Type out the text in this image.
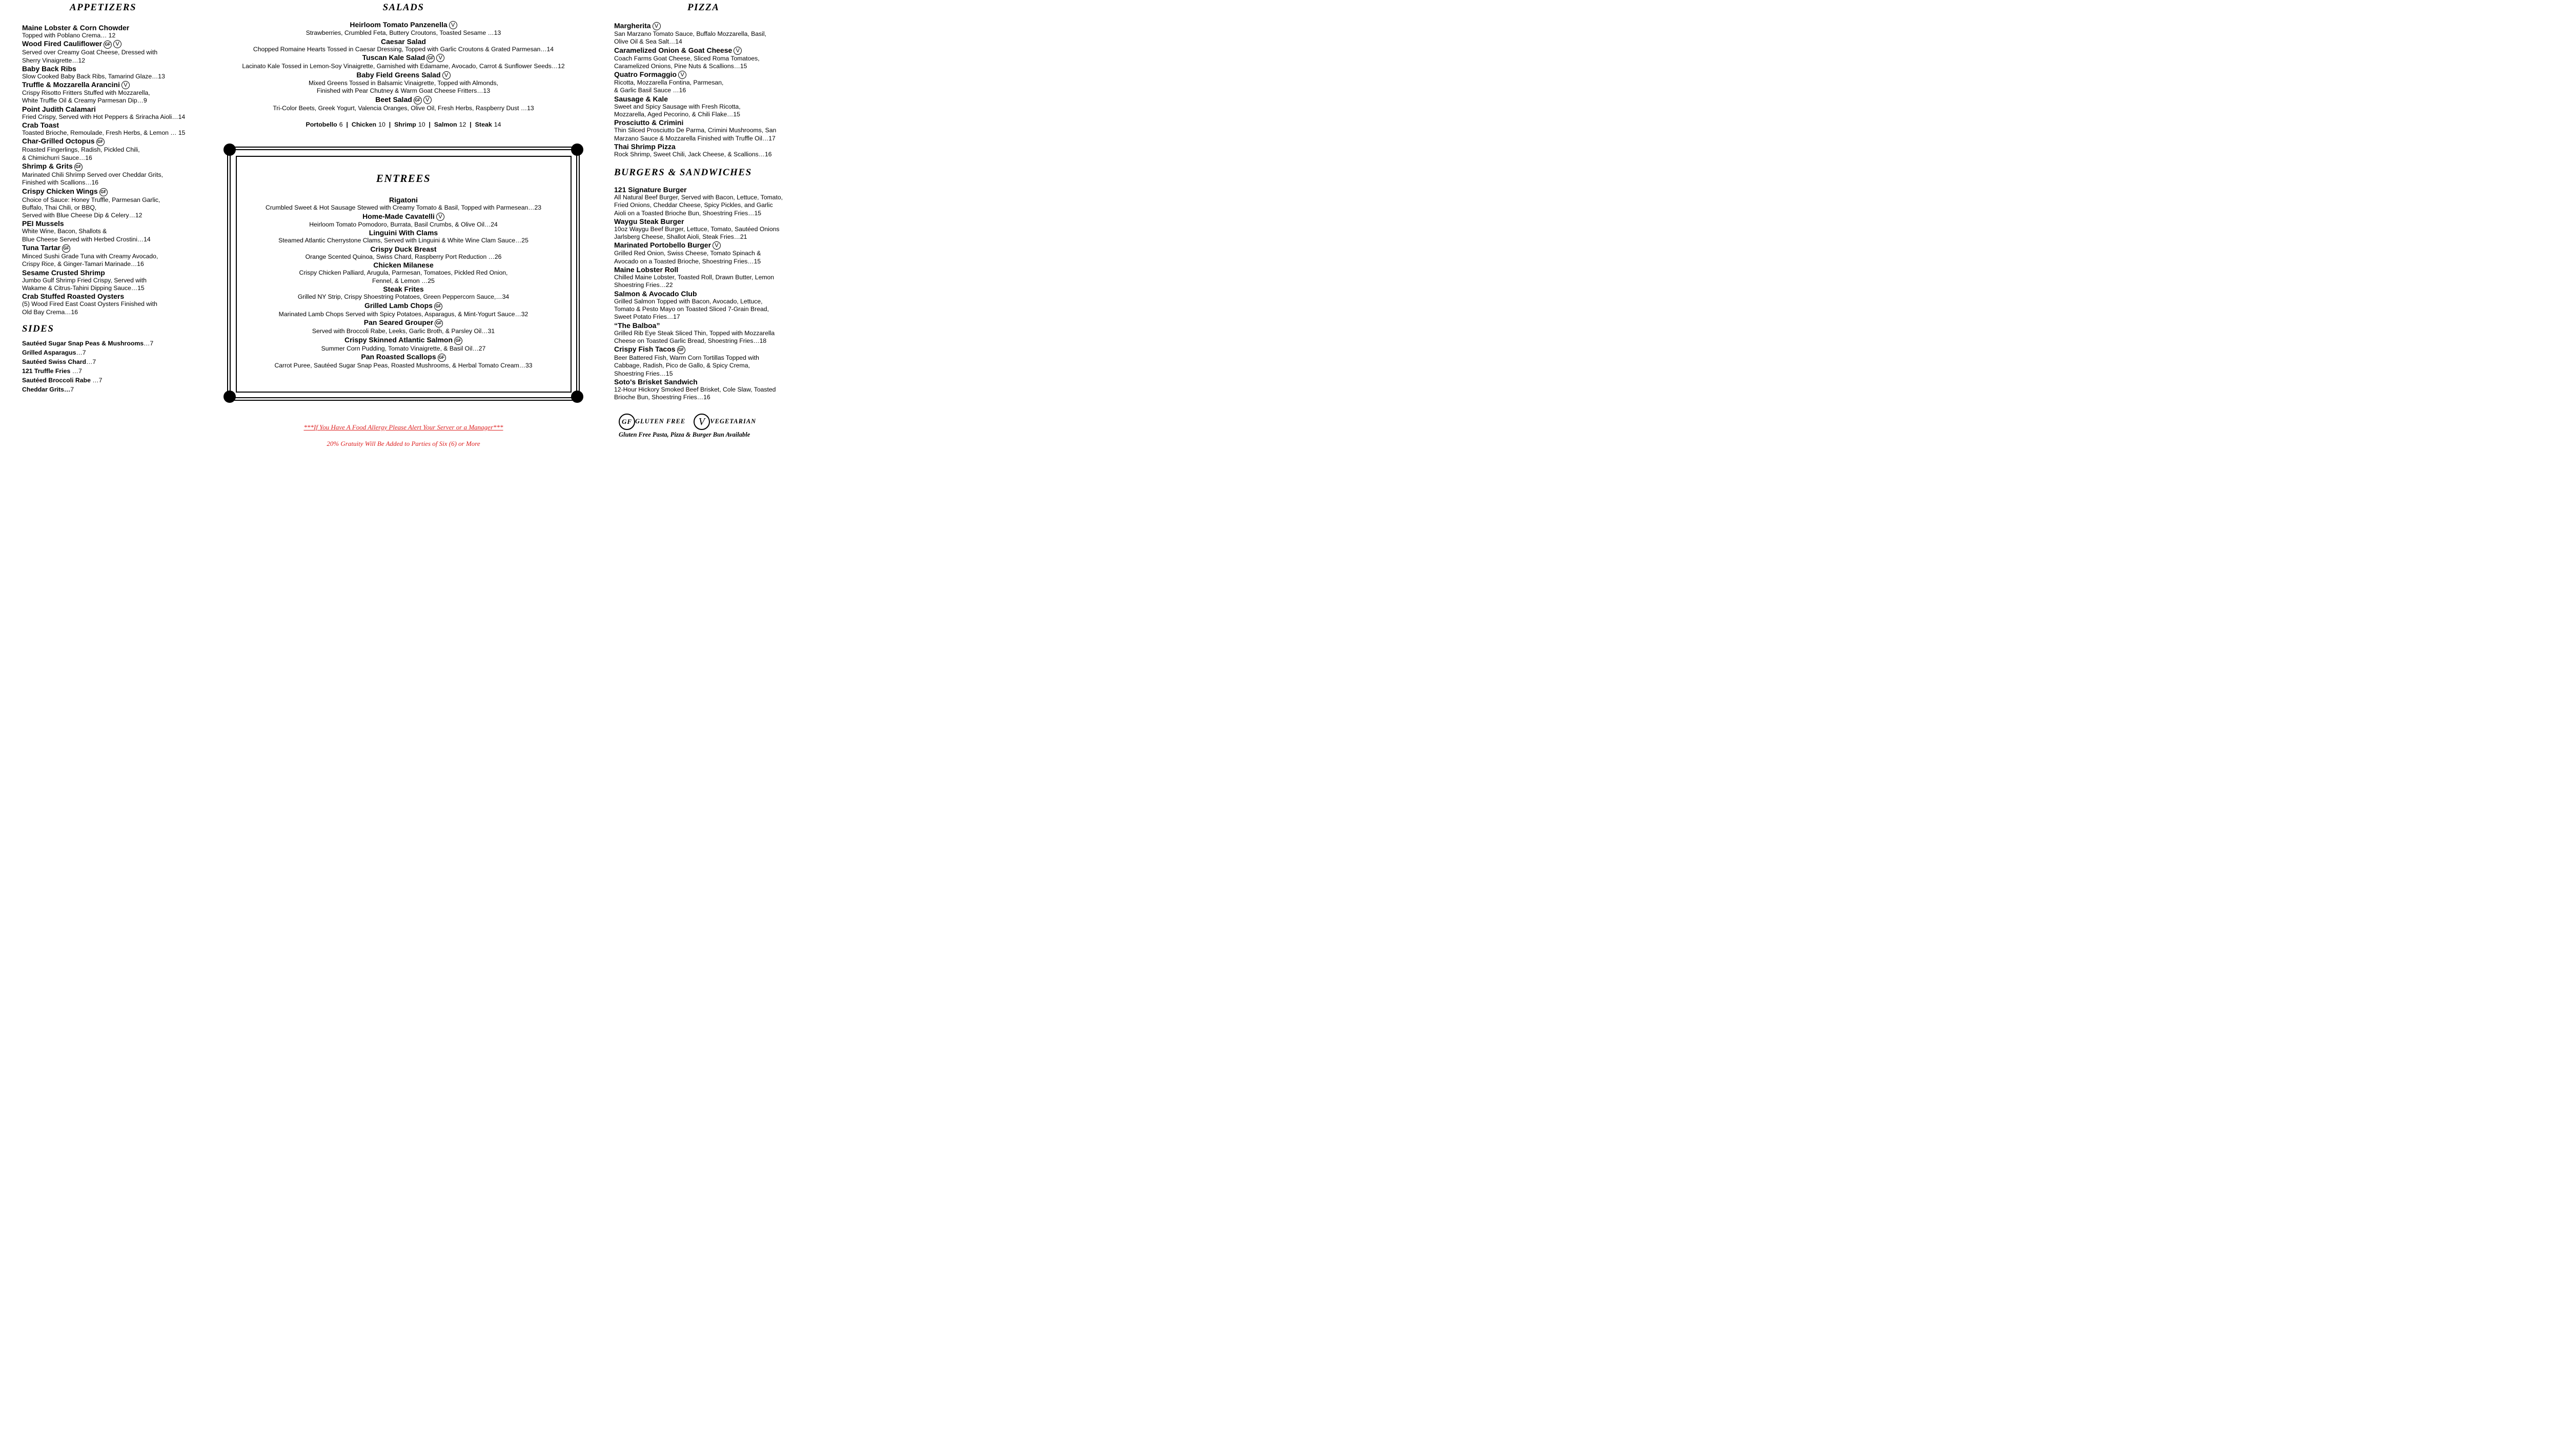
APPETIZERS
Maine Lobster & Corn Chowder
Topped with Poblano Crema… 12
Wood Fired Cauliflower GF V
Served over Creamy Goat Cheese, Dressed with
Sherry Vinaigrette…12
Baby Back Ribs
Slow Cooked Baby Back Ribs, Tamarind Glaze…13
Truffle & Mozzarella Arancini V
Crispy Risotto Fritters Stuffed with Mozzarella,
White Truffle Oil & Creamy Parmesan Dip…9
Point Judith Calamari
Fried Crispy, Served with Hot Peppers & Sriracha Aioli…14
Crab Toast
Toasted Brioche, Remoulade, Fresh Herbs, & Lemon … 15
Char-Grilled Octopus GF
Roasted Fingerlings, Radish, Pickled Chili,
& Chimichurri Sauce…16
Shrimp & Grits GF
Marinated Chili Shrimp Served over Cheddar Grits,
Finished with Scallions…16
Crispy Chicken Wings GF
Choice of Sauce: Honey Truffle, Parmesan Garlic,
Buffalo, Thai Chili, or BBQ,
Served with Blue Cheese Dip & Celery…12
PEI Mussels
White Wine, Bacon, Shallots &
Blue Cheese Served with Herbed Crostini…14
Tuna Tartar GF
Minced Sushi Grade Tuna with Creamy Avocado,
Crispy Rice, & Ginger-Tamari Marinade…16
Sesame Crusted Shrimp
Jumbo Gulf Shrimp Fried Crispy, Served with
Wakame & Citrus-Tahini Dipping Sauce…15
Crab Stuffed Roasted Oysters
(5) Wood Fired East Coast Oysters Finished with
Old Bay Crema…16
SIDES
Sautéed Sugar Snap Peas & Mushrooms…7
Grilled Asparagus…7
Sautéed Swiss Chard…7
121 Truffle Fries …7
Sautéed Broccoli Rabe …7
Cheddar Grits…7
SALADS
Heirloom Tomato Panzenella V
Strawberries, Crumbled Feta, Buttery Croutons, Toasted Sesame …13
Caesar Salad
Chopped Romaine Hearts Tossed in Caesar Dressing, Topped with Garlic Croutons & Grated Parmesan…14
Tuscan Kale Salad GF V
Lacinato Kale Tossed in Lemon-Soy Vinaigrette, Garnished with Edamame, Avocado, Carrot & Sunflower Seeds…12
Baby Field Greens Salad V
Mixed Greens Tossed in Balsamic Vinaigrette, Topped with Almonds,
Finished with Pear Chutney & Warm Goat Cheese Fritters…13
Beet Salad GF V
Tri-Color Beets, Greek Yogurt, Valencia Oranges, Olive Oil, Fresh Herbs, Raspberry Dust …13
Portobello 6  |  Chicken 10  |  Shrimp 10  |  Salmon 12  |  Steak 14
ENTREES
Rigatoni
Crumbled Sweet & Hot Sausage Stewed with Creamy Tomato & Basil, Topped with Parmesean…23
Home-Made Cavatelli V
Heirloom Tomato Pomodoro, Burrata, Basil Crumbs, & Olive Oil…24
Linguini With Clams
Steamed Atlantic Cherrystone Clams, Served with Linguini & White Wine Clam Sauce…25
Crispy Duck Breast
Orange Scented Quinoa, Swiss Chard, Raspberry Port Reduction …26
Chicken Milanese
Crispy Chicken Palliard, Arugula, Parmesan, Tomatoes, Pickled Red Onion,
Fennel, & Lemon …25
Steak Frites
Grilled NY Strip, Crispy Shoestring Potatoes, Green Peppercorn Sauce,…34
Grilled Lamb Chops GF
Marinated Lamb Chops Served with Spicy Potatoes, Asparagus, & Mint-Yogurt Sauce…32
Pan Seared Grouper GF
Served with Broccoli Rabe, Leeks, Garlic Broth, & Parsley Oil…31
Crispy Skinned Atlantic Salmon GF
Summer Corn Pudding, Tomato Vinaigrette, & Basil Oil…27
Pan Roasted Scallops GF
Carrot Puree, Sautéed Sugar Snap Peas, Roasted Mushrooms, & Herbal Tomato Cream…33
PIZZA
Margherita V
San Marzano Tomato Sauce, Buffalo Mozzarella, Basil,
Olive Oil & Sea Salt…14
Caramelized Onion & Goat Cheese V
Coach Farms Goat Cheese, Sliced Roma Tomatoes,
Caramelized Onions, Pine Nuts & Scallions…15
Quatro Formaggio V
Ricotta, Mozzarella Fontina, Parmesan,
& Garlic Basil Sauce …16
Sausage & Kale
Sweet and Spicy Sausage with Fresh Ricotta,
Mozzarella, Aged Pecorino, & Chili Flake…15
Prosciutto & Crimini
Thin Sliced Prosciutto De Parma, Crimini Mushrooms, San
Marzano Sauce & Mozzarella Finished with Truffle Oil…17
Thai Shrimp Pizza
Rock Shrimp, Sweet Chili, Jack Cheese, & Scallions…16
BURGERS & SANDWICHES
121 Signature Burger
All Natural Beef Burger, Served with Bacon, Lettuce, Tomato,
Fried Onions, Cheddar Cheese, Spicy Pickles, and Garlic
Aioli on a Toasted Brioche Bun, Shoestring Fries…15
Waygu Steak Burger
10oz Waygu Beef Burger, Lettuce, Tomato, Sautéed Onions
Jarlsberg Cheese, Shallot Aioli, Steak Fries…21
Marinated Portobello Burger V
Grilled Red Onion, Swiss Cheese, Tomato Spinach &
Avocado on a Toasted Brioche, Shoestring Fries…15
Maine Lobster Roll
Chilled Maine Lobster, Toasted Roll, Drawn Butter, Lemon
Shoestring Fries…22
Salmon & Avocado Club
Grilled Salmon Topped with Bacon, Avocado, Lettuce,
Tomato & Pesto Mayo on Toasted Sliced 7-Grain Bread,
Sweet Potato Fries…17
“The Balboa”
Grilled Rib Eye Steak Sliced Thin, Topped with Mozzarella
Cheese on Toasted Garlic Bread, Shoestring Fries…18
Crispy Fish Tacos GF
Beer Battered Fish, Warm Corn Tortillas Topped with
Cabbage, Radish, Pico de Gallo, & Spicy Crema,
Shoestring Fries…15
Soto's Brisket Sandwich
12-Hour Hickory Smoked Beef Brisket, Cole Slaw, Toasted
Brioche Bun, Shoestring Fries…16
GF GLUTEN FREE V VEGETARIAN
Gluten Free Pasta, Pizza & Burger Bun Available
***If You Have A Food Allergy Please Alert Your Server or a Manager***
20% Gratuity Will Be Added to Parties of Six (6) or More
